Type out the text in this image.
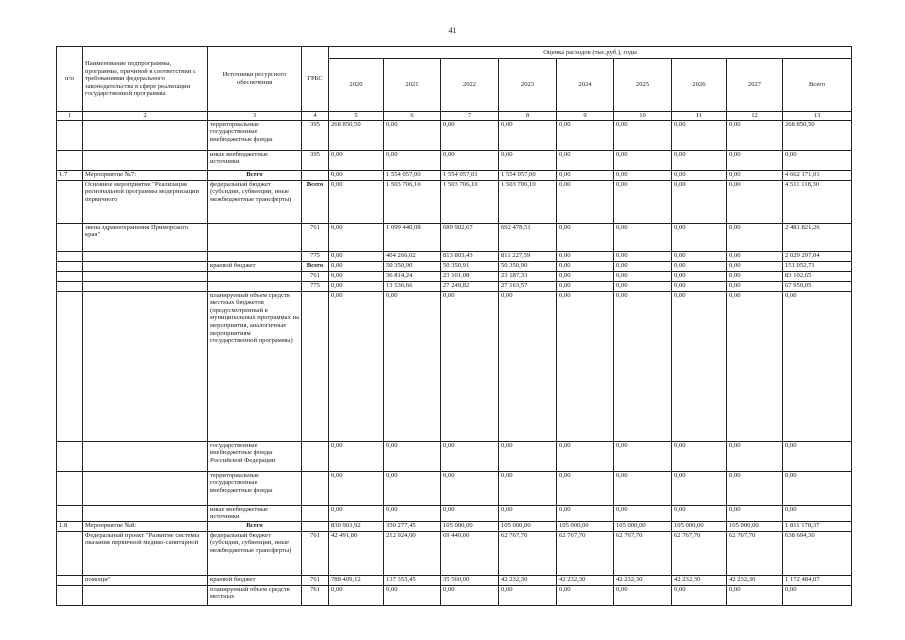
41
п/п	Наименование подпрограммы, программы, причиной в соответствии с требованиями федерального законодательства в сфере реализации государственной программы	Источники ресурсного обеспечения	ГРБС	Оценка расходов (тыс.руб.), годы								
				2020	2021	2022	2023	2024	2025	2026	2027	Всего
1	2	3	4	5	6	7	8	9	10	11	12	13
		территориальные государственные внебюджетные фонды	395	268 850,50	0,00	0,00	0,00	0,00	0,00	0,00	0,00	268 850,50
		иные внебюджетные источники	395	0,00	0,00	0,00	0,00	0,00	0,00	0,00	0,00	0,00
1.7	Мероприятие №7:	Всего		0,00	1 554 057,00	1 554 057,01	1 554 057,00	0,00	0,00	0,00	0,00	4 662 171,01
	Основное мероприятие "Реализация региональной программы модернизации первичного	федеральный бюджет (субсидии, субвенции, иные межбюджетные трансферты)	Всего	0,00	1 503 706,10	1 503 706,10	1 503 706,10	0,00	0,00	0,00	0,00	4 511 118,30
	звена здравоохранения Приморского края"		761	0,00	1 099 440,08	689 902,67	692 478,51	0,00	0,00	0,00	0,00	2 481 821,26
			775	0,00	404 266,02	813 803,43	811 227,59	0,00	0,00	0,00	0,00	2 029 297,04
		краевой бюджет	Всего	0,00	50 350,90	50 350,91	50 350,90	0,00	0,00	0,00	0,00	151 052,71
			761	0,00	36 814,24	23 101,08	23 187,33	0,00	0,00	0,00	0,00	83 102,65
			775	0,00	13 536,66	27 249,82	27 163,57	0,00	0,00	0,00	0,00	67 950,05
		планируемый объем средств местных бюджетов (предусмотренный в муниципальных программах на мероприятия, аналогичные мероприятиям государственной программы)		0,00	0,00	0,00	0,00	0,00	0,00	0,00	0,00	0,00
		государственные внебюджетные фонды Российской Федерации		0,00	0,00	0,00	0,00	0,00	0,00	0,00	0,00	0,00
		территориальные государственные внебюджетные фонды		0,00	0,00	0,00	0,00	0,00	0,00	0,00	0,00	0,00
		иные внебюджетные источники		0,00	0,00	0,00	0,00	0,00	0,00	0,00	0,00	0,00
1.8	Мероприятие №8:	Всего		830 903,92	350 277,45	105 000,00	105 000,00	105 000,00	105 000,00	105 000,00	105 000,00	1 811 178,37
	Федеральный проект "Развитие системы оказания первичной медико-санитарной	федеральный бюджет (субсидии, субвенции, иные межбюджетные трансферты)	761	42 491,80	212 924,00	69 440,00	62 767,70	62 767,70	62 767,70	62 767,70	62 767,70	638 694,30
	помощи"	краевой бюджет	761	788 409,12	137 353,45	35 560,00	42 232,30	42 232,30	42 232,30	42 232,30	42 232,30	1 172 484,07
		планируемый объем средств местных	761	0,00	0,00	0,00	0,00	0,00	0,00	0,00	0,00	0,00
